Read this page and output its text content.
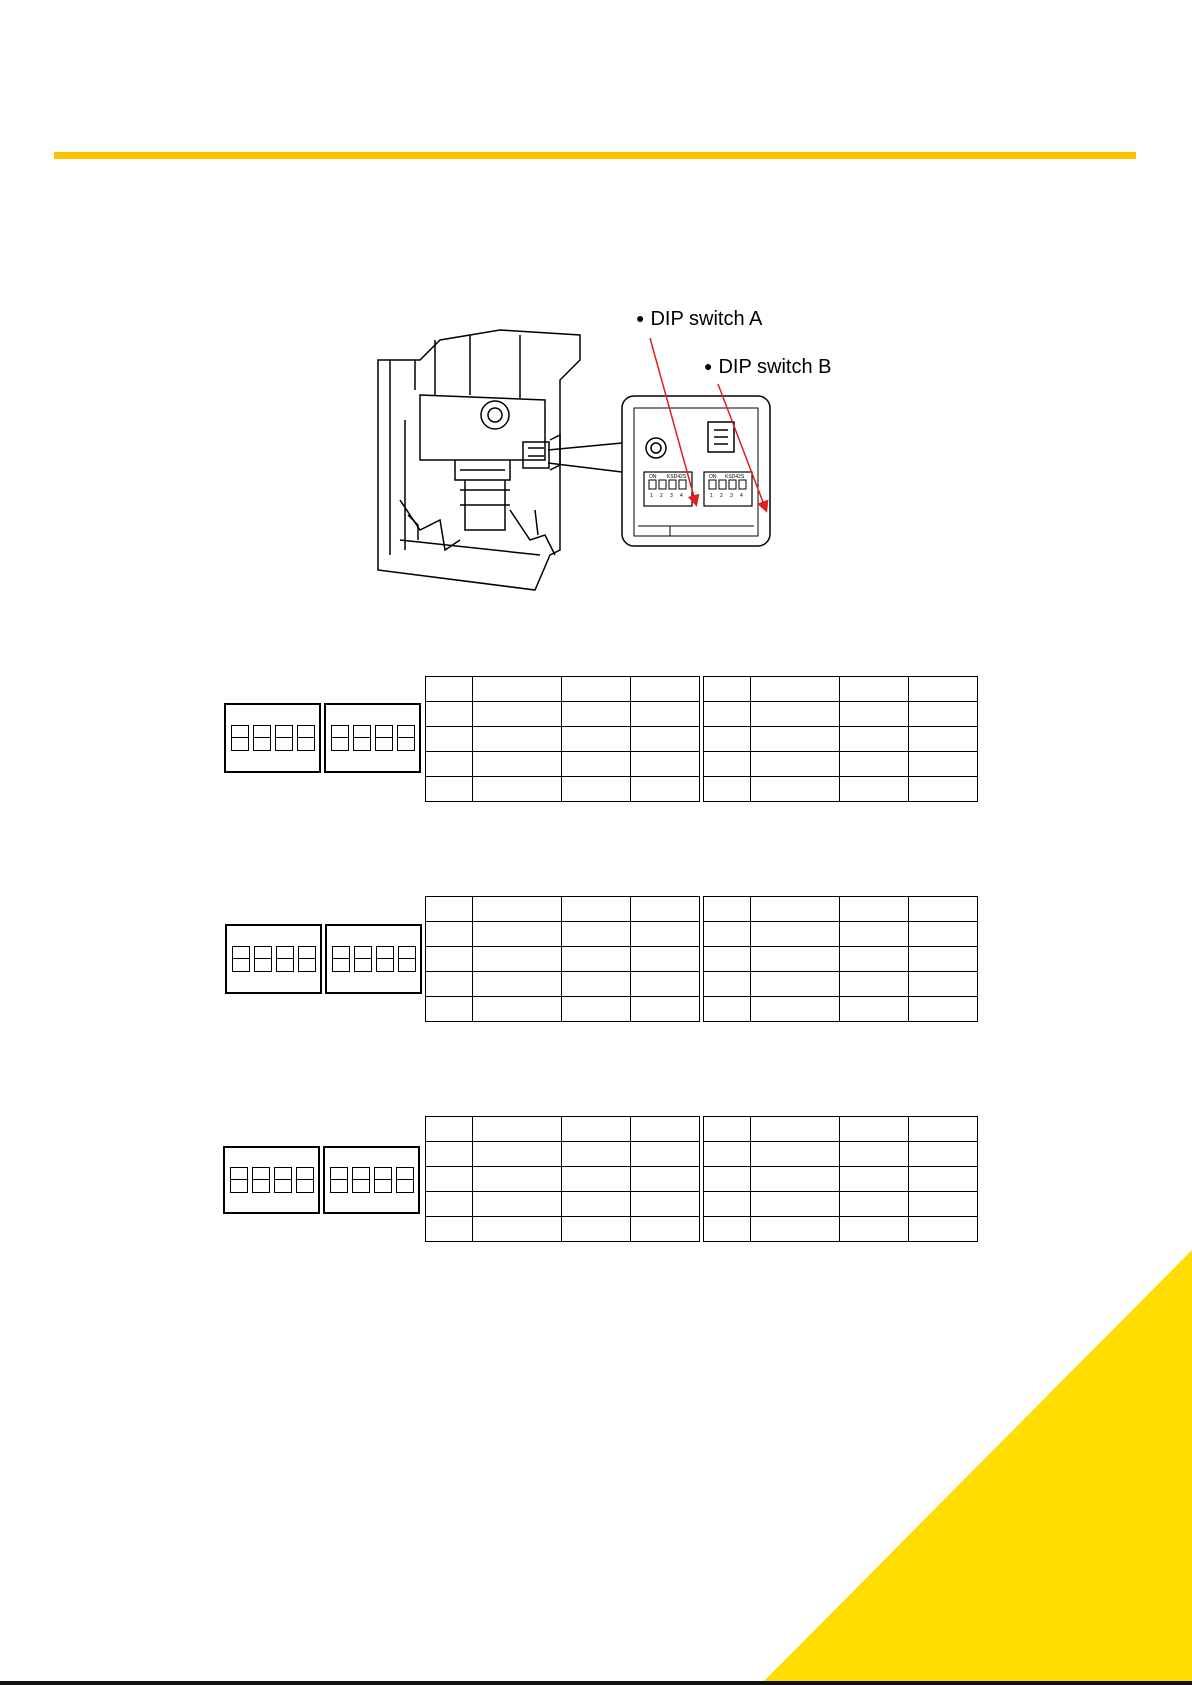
ON KSD42S	ON KSD42S
1 2 3 4	1 2 3 4
● DIP switch A
● DIP switch B
